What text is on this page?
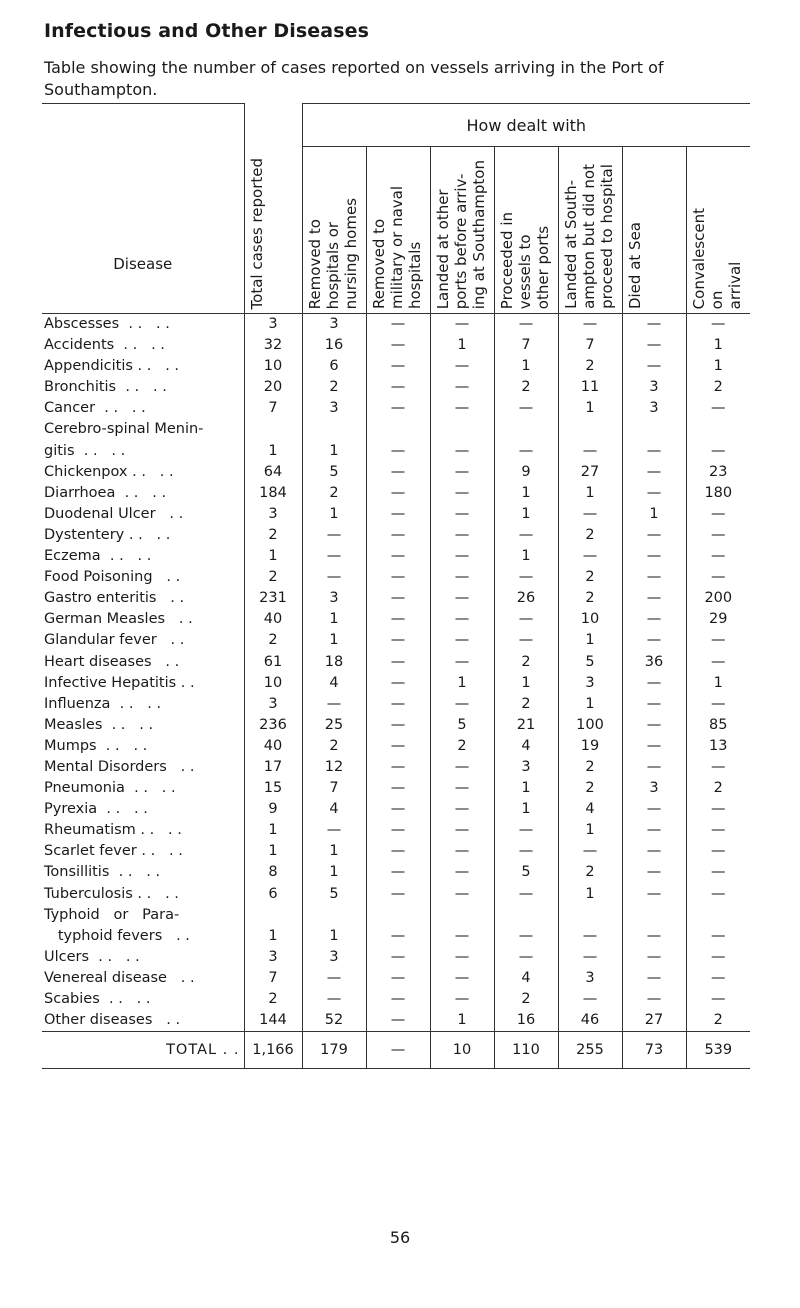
Infectious and Other Diseases
Table showing the number of cases reported on vessels arriving in the Port of Southampton.
Disease	Total cases reported	How dealt with						

		Removed to
hospitals or
nursing homes	Removed to
military or naval
hospitals	Landed at other
ports before arriv-
ing at Southampton	Proceeded in
vessels to
other ports	Landed at South-
ampton but did not
proceed to hospital	Died at Sea	Convalescent
on
arrival

Abscesses  . .   . .	3	3	—	—	—	—	—	—
Accidents  . .   . .	32	16	—	1	7	7	—	1
Appendicitis . .   . .	10	6	—	—	1	2	—	1
Bronchitis  . .   . .	20	2	—	—	2	11	3	2
Cancer  . .   . .	7	3	—	—	—	1	3	—
Cerebro-spinal Menin-								
gitis  . .   . .	1	1	—	—	—	—	—	—
Chickenpox . .   . .	64	5	—	—	9	27	—	23
Diarrhoea  . .   . .	184	2	—	—	1	1	—	180
Duodenal Ulcer   . .	3	1	—	—	1	—	1	—
Dystentery . .   . .	2	—	—	—	—	2	—	—
Eczema  . .   . .	1	—	—	—	1	—	—	—
Food Poisoning   . .	2	—	—	—	—	2	—	—
Gastro enteritis   . .	231	3	—	—	26	2	—	200
German Measles   . .	40	1	—	—	—	10	—	29
Glandular fever   . .	2	1	—	—	—	1	—	—
Heart diseases   . .	61	18	—	—	2	5	36	—
Infective Hepatitis . .	10	4	—	1	1	3	—	1
Influenza  . .   . .	3	—	—	—	2	1	—	—
Measles  . .   . .	236	25	—	5	21	100	—	85
Mumps  . .   . .	40	2	—	2	4	19	—	13
Mental Disorders   . .	17	12	—	—	3	2	—	—
Pneumonia  . .   . .	15	7	—	—	1	2	3	2
Pyrexia  . .   . .	9	4	—	—	1	4	—	—
Rheumatism . .   . .	1	—	—	—	—	1	—	—
Scarlet fever . .   . .	1	1	—	—	—	—	—	—
Tonsillitis  . .   . .	8	1	—	—	5	2	—	—
Tuberculosis . .   . .	6	5	—	—	—	1	—	—
Typhoid   or   Para-								
typhoid fevers   . .	1	1	—	—	—	—	—	—
Ulcers  . .   . .	3	3	—	—	—	—	—	—
Venereal disease   . .	7	—	—	—	4	3	—	—
Scabies  . .   . .	2	—	—	—	2	—	—	—
Other diseases   . .	144	52	—	1	16	46	27	2
TOTAL . .	1,166	179	—	10	110	255	73	539
56
